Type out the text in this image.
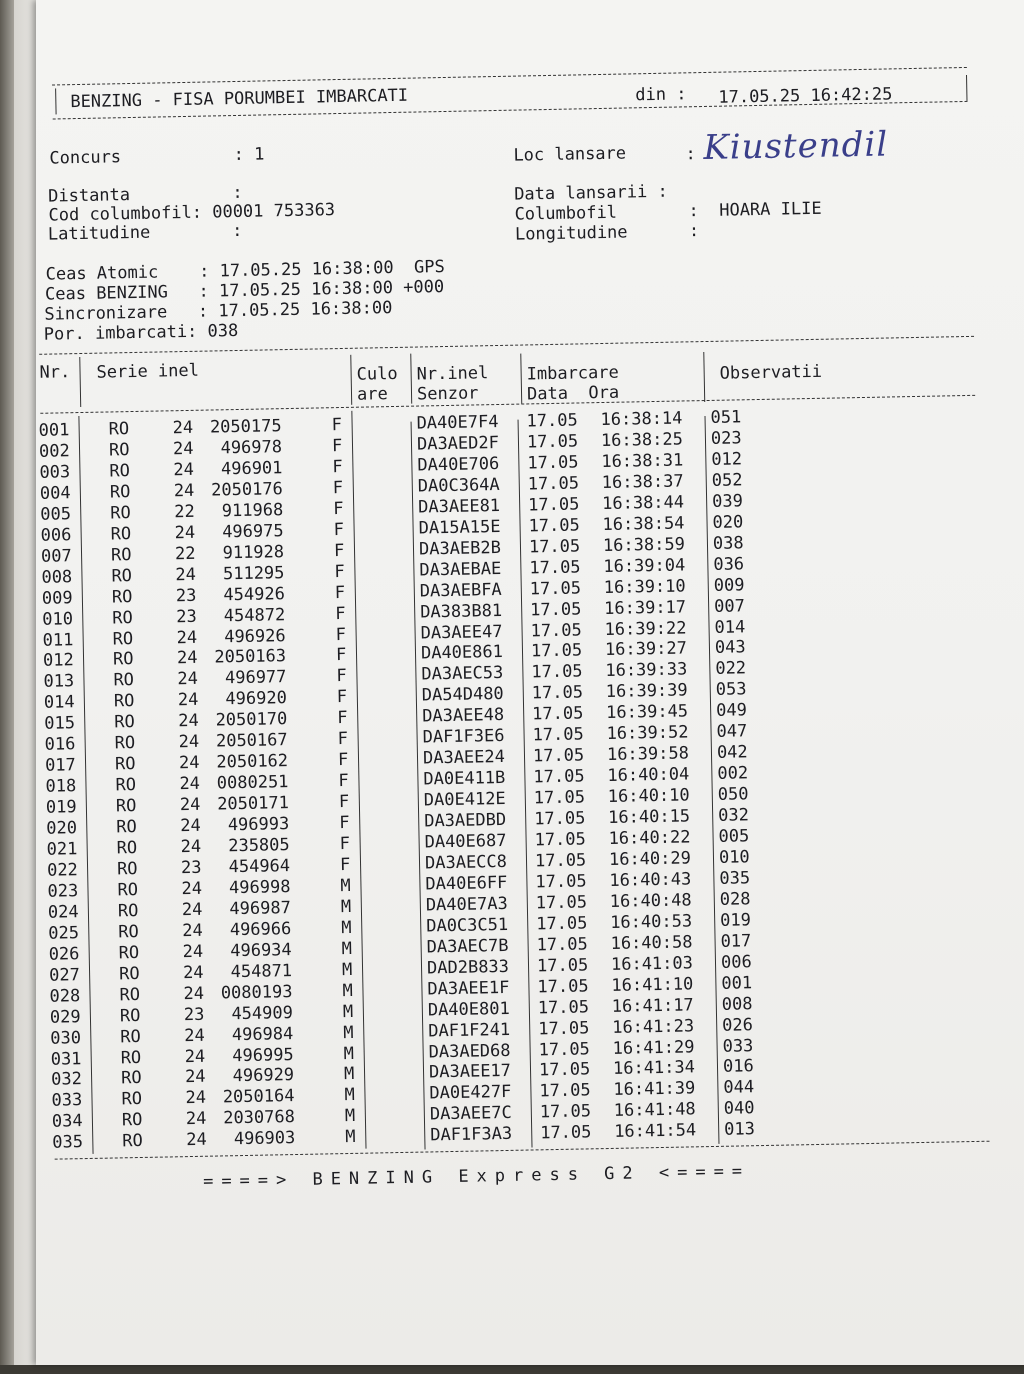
BENZING - FISA PORUMBEI IMBARCATI	din : 17.05.25 16:42:25
Concurs           : 1
Distanta          :
Cod columbofil: 00001 753363
Latitudine        :
Loc lansare	: Kiustendil
Data lansarii :
Columbofil       :  HOARA ILIE
Longitudine      :
Ceas Atomic    : 17.05.25 16:38:00  GPS
Ceas BENZING   : 17.05.25 16:38:00 +000
Sincronizare   : 17.05.25 16:38:00
Por. imbarcati: 038
Nr. Serie inel	Culo
are
Nr.inel
Senzor
Imbarcare
Data  Ora
Observatii
001 RO	24 2050175	F	DA40E7F4 17.05 16:38:14 051
002 RO	24 496978	F	DA3AED2F 17.05 16:38:25 023
003 RO	24 496901	F	DA40E706 17.05 16:38:31 012
004 RO	24 2050176	F	DA0C364A 17.05 16:38:37 052
005 RO	22 911968	F	DA3AEE81 17.05 16:38:44 039
006 RO	24 496975	F	DA15A15E 17.05 16:38:54 020
007 RO	22 911928	F	DA3AEB2B 17.05 16:38:59 038
008 RO	24 511295	F	DA3AEBAE 17.05 16:39:04 036
009 RO	23 454926	F	DA3AEBFA 17.05 16:39:10 009
010 RO	23 454872	F	DA383B81 17.05 16:39:17 007
011 RO	24 496926	F	DA3AEE47 17.05 16:39:22 014
012 RO	24 2050163	F	DA40E861 17.05 16:39:27 043
013 RO	24 496977	F	DA3AEC53 17.05 16:39:33 022
014 RO	24 496920	F	DA54D480 17.05 16:39:39 053
015 RO	24 2050170	F	DA3AEE48 17.05 16:39:45 049
016 RO	24 2050167	F	DAF1F3E6 17.05 16:39:52 047
017 RO	24 2050162	F	DA3AEE24 17.05 16:39:58 042
018 RO	24 0080251	F	DA0E411B 17.05 16:40:04 002
019 RO	24 2050171	F	DA0E412E 17.05 16:40:10 050
020 RO	24 496993	F	DA3AEDBD 17.05 16:40:15 032
021 RO	24 235805	F	DA40E687 17.05 16:40:22 005
022 RO	23 454964	F	DA3AECC8 17.05 16:40:29 010
023 RO	24 496998	M	DA40E6FF 17.05 16:40:43 035
024 RO	24 496987	M	DA40E7A3 17.05 16:40:48 028
025 RO	24 496966	M	DA0C3C51 17.05 16:40:53 019
026 RO	24 496934	M	DA3AEC7B 17.05 16:40:58 017
027 RO	24 454871	M	DAD2B833 17.05 16:41:03 006
028 RO	24 0080193	M	DA3AEE1F 17.05 16:41:10 001
029 RO	23 454909	M	DA40E801 17.05 16:41:17 008
030 RO	24 496984	M	DAF1F241 17.05 16:41:23 026
031 RO	24 496995	M	DA3AED68 17.05 16:41:29 033
032 RO	24 496929	M	DA3AEE17 17.05 16:41:34 016
033 RO	24 2050164	M	DA0E427F 17.05 16:41:39 044
034 RO	24 2030768	M	DA3AEE7C 17.05 16:41:48 040
035 RO	24 496903	M	DAF1F3A3 17.05 16:41:54 013
====> BENZING Express G2 <====
